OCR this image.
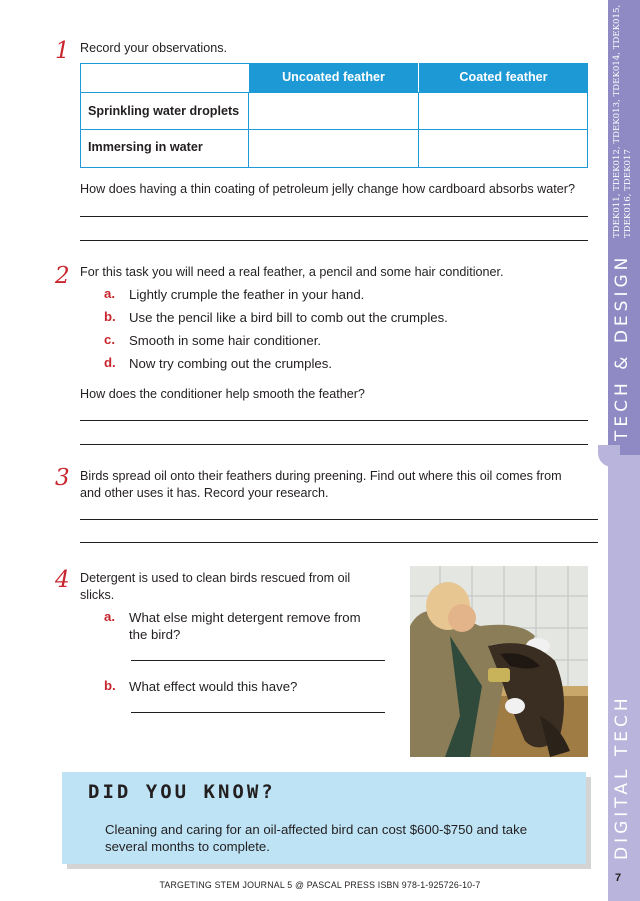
TDEK011, TDEK012, TDEK013, TDEK014, TDEK015, TDEK016, TDEK017
TECH & DESIGN
DIGITAL TECH
7
1 Record your observations.
Uncoated feather	Coated feather
Sprinkling water droplets
Immersing in water
How does having a thin coating of petroleum jelly change how cardboard absorbs water?
2 For this task you will need a real feather, a pencil and some hair conditioner.
a. Lightly crumple the feather in your hand.
b. Use the pencil like a bird bill to comb out the crumples.
c. Smooth in some hair conditioner.
d. Now try combing out the crumples.
How does the conditioner help smooth the feather?
3 Birds spread oil onto their feathers during preening. Find out where this oil comes from
and other uses it has. Record your research.
4 Detergent is used to clean birds rescued from oil
slicks.
a. What else might detergent remove from
the bird?
b. What effect would this have?
DID YOU KNOW?
Cleaning and caring for an oil-affected bird can cost $600-$750 and take
several months to complete.
TARGETING STEM JOURNAL 5 @ PASCAL PRESS ISBN 978-1-925726-10-7
